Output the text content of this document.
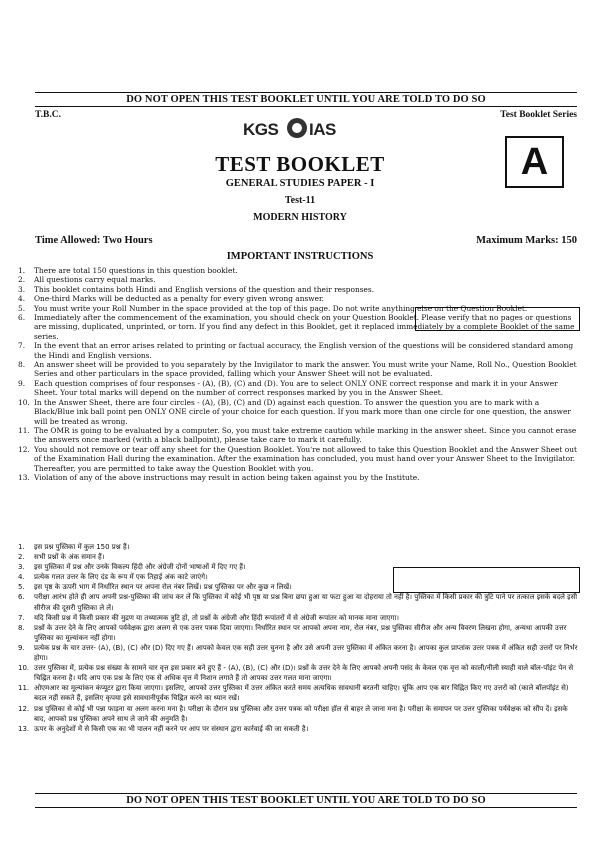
DO NOT OPEN THIS TEST BOOKLET UNTIL YOU ARE TOLD TO DO SO
T.B.C.	Test Booklet Series
KGS IAS
A
TEST BOOKLET
GENERAL STUDIES PAPER - I
Test-11
MODERN HISTORY
Time Allowed: Two Hours	Maximum Marks: 150
IMPORTANT INSTRUCTIONS
1. There are total 150 questions in this question booklet.
2. All questions carry equal marks.
3. This booklet contains both Hindi and English versions of the question and their responses.
4. One-third Marks will be deducted as a penalty for every given wrong answer.
5. You must write your Roll Number in the space provided at the top of this page. Do not write anything else on the Question Booklet.
6. Immediately after the commencement of the examination, you should check on your Question Booklet. Please verify that no pages or questions are missing, duplicated, unprinted, or torn. If you find any defect in this Booklet, get it replaced immediately by a complete Booklet of the same series.
7. In the event that an error arises related to printing or factual accuracy, the English version of the questions will be considered standard among the Hindi and English versions.
8. An answer sheet will be provided to you separately by the Invigilator to mark the answer. You must write your Name, Roll No., Question Booklet Series and other particulars in the space provided, falling which your Answer Sheet will not be evaluated.
9. Each question comprises of four responses - (A), (B), (C) and (D). You are to select ONLY ONE correct response and mark it in your Answer Sheet. Your total marks will depend on the number of correct responses marked by you in the Answer Sheet.
10. In the Answer Sheet, there are four circles - (A), (B), (C) and (D) against each question. To answer the question you are to mark with a Black/Blue ink ball point pen ONLY ONE circle of your choice for each question. If you mark more than one circle for one question, the answer will be treated as wrong.
11. The OMR is going to be evaluated by a computer. So, you must take extreme caution while marking in the answer sheet. Since you cannot erase the answers once marked (with a black ballpoint), please take care to mark it carefully.
12. You should not remove or tear off any sheet for the Question Booklet. You're not allowed to take this Question Booklet and the Answer Sheet out of the Examination Hall during the examination. After the examination has concluded, you must hand over your Answer Sheet to the Invigilator. Thereafter, you are permitted to take away the Question Booklet with you.
13. Violation of any of the above instructions may result in action being taken against you by the Institute.
1. इस प्रश्न पुस्तिका में कुल 150 प्रश्न हैं।
2. सभी प्रश्नों के अंक समान हैं।
3. इस पुस्तिका में प्रश्न और उनके विकल्प हिंदी और अंग्रेजी दोनों भाषाओं में दिए गए हैं।
4. प्रत्येक गलत उत्तर के लिए दंड के रूप में एक तिहाई अंक काटे जाएंगे।
5. इस पृष्ठ के ऊपरी भाग में निर्धारित स्थान पर अपना रोल नंबर लिखें। प्रश्न पुस्तिका पर और कुछ न लिखें।
6. परीक्षा आरंभ होते ही आप अपनी प्रश्न-पुस्तिका की जांच कर लें कि पुस्तिका में कोई भी पृष्ठ या प्रश्न बिना छपा हुआ या फटा हुआ या दोहराया तो नहीं है। पुस्तिका में किसी प्रकार की त्रुटि पाने पर तत्काल इसके बदले इसी सीरीज की दूसरी पुस्तिका ले लें।
7. यदि किसी प्रश्न में किसी प्रकार की मुद्रण या तथ्यात्मक त्रुटि हो, तो प्रश्नों के अंग्रेजी और हिंदी रूपांतरों में से अंग्रेजी रूपांतर को मानक माना जाएगा।
8. प्रश्नों के उत्तर देने के लिए आपको पर्यवेक्षक द्वारा अलग से एक उत्तर पत्रक दिया जाएगा। निर्धारित स्थान पर आपको अपना नाम, रोल नंबर, प्रश्न पुस्तिका सीरीज और अन्य विवरण लिखना होगा, अन्यथा आपकी उत्तर पुस्तिका का मूल्यांकन नहीं होगा।
9. प्रत्येक प्रश्न के चार उत्तर- (A), (B), (C) और (D) दिए गए हैं। आपको केवल एक सही उत्तर चुनना है और उसे अपनी उत्तर पुस्तिका में अंकित करना है। आपका कुल प्राप्तांक उत्तर पत्रक में अंकित सही उत्तरों पर निर्भर होगा।
10. उत्तर पुस्तिका में, प्रत्येक प्रश्न संख्या के सामने चार वृत्त इस प्रकार बने हुए हैं - (A), (B), (C) और (D)। प्रश्नों के उत्तर देने के लिए आपको अपनी पसंद के केवल एक वृत्त को काली/नीली स्याही वाले बॉल-पॉइंट पेन से चिह्नित करना है। यदि आप एक प्रश्न के लिए एक से अधिक वृत्त में निशान लगाते हैं तो आपका उत्तर गलत माना जाएगा।
11. ओएमआर का मूल्यांकन कंप्यूटर द्वारा किया जाएगा। इसलिए, आपको उत्तर पुस्तिका में उत्तर अंकित करते समय अत्यधिक सावधानी बरतनी चाहिए। चूंकि आप एक बार चिह्नित किए गए उत्तरों को (काले बॉलपॉइंट से) बदल नहीं सकते हैं, इसलिए कृपया इसे सावधानीपूर्वक चिह्नित करने का ध्यान रखें।
12. प्रश्न पुस्तिका से कोई भी पन्ना फाड़ना या अलग करना मना है। परीक्षा के दौरान प्रश्न पुस्तिका और उत्तर पत्रक को परीक्षा हॉल से बाहर ले जाना मना है। परीक्षा के समापन पर उत्तर पुस्तिका पर्यवेक्षक को सौंप दें। इसके बाद, आपको प्रश्न पुस्तिका अपने साथ ले जाने की अनुमति है।
13. ऊपर के अनुदेशों में से किसी एक का भी पालन नहीं करने पर आप पर संस्थान द्वारा कार्रवाई की जा सकती है।
DO NOT OPEN THIS TEST BOOKLET UNTIL YOU ARE TOLD TO DO SO
